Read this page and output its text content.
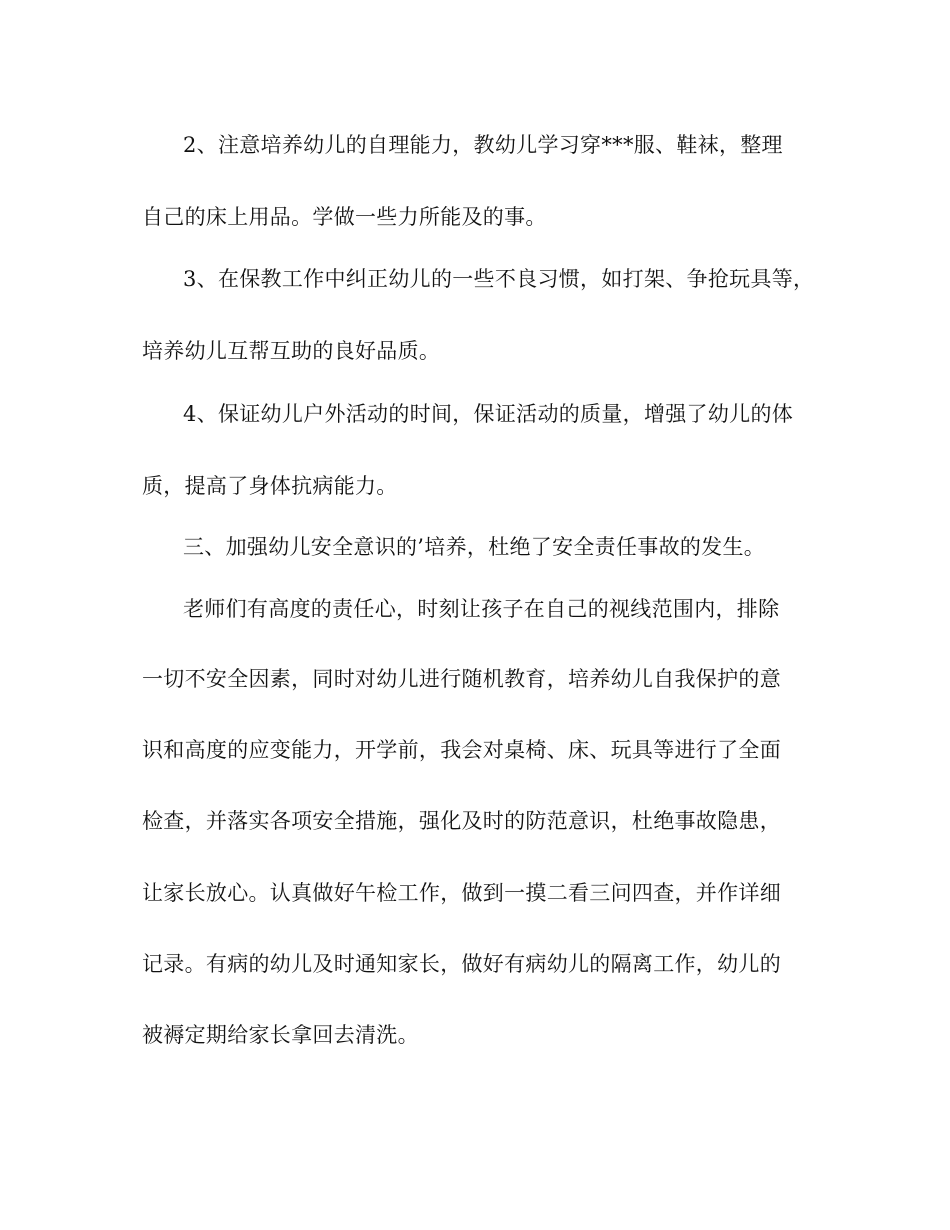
2、注意培养幼儿的自理能力，教幼儿学习穿***服、鞋袜，整理
自己的床上用品。学做一些力所能及的事。
3、在保教工作中纠正幼儿的一些不良习惯，如打架、争抢玩具等，
培养幼儿互帮互助的良好品质。
4、保证幼儿户外活动的时间，保证活动的质量，增强了幼儿的体
质，提高了身体抗病能力。
三、加强幼儿安全意识的’培养，杜绝了安全责任事故的发生。
老师们有高度的责任心，时刻让孩子在自己的视线范围内，排除
一切不安全因素，同时对幼儿进行随机教育，培养幼儿自我保护的意
识和高度的应变能力，开学前，我会对桌椅、床、玩具等进行了全面
检查，并落实各项安全措施，强化及时的防范意识，杜绝事故隐患，
让家长放心。认真做好午检工作，做到一摸二看三问四查，并作详细
记录。有病的幼儿及时通知家长，做好有病幼儿的隔离工作，幼儿的
被褥定期给家长拿回去清洗。
